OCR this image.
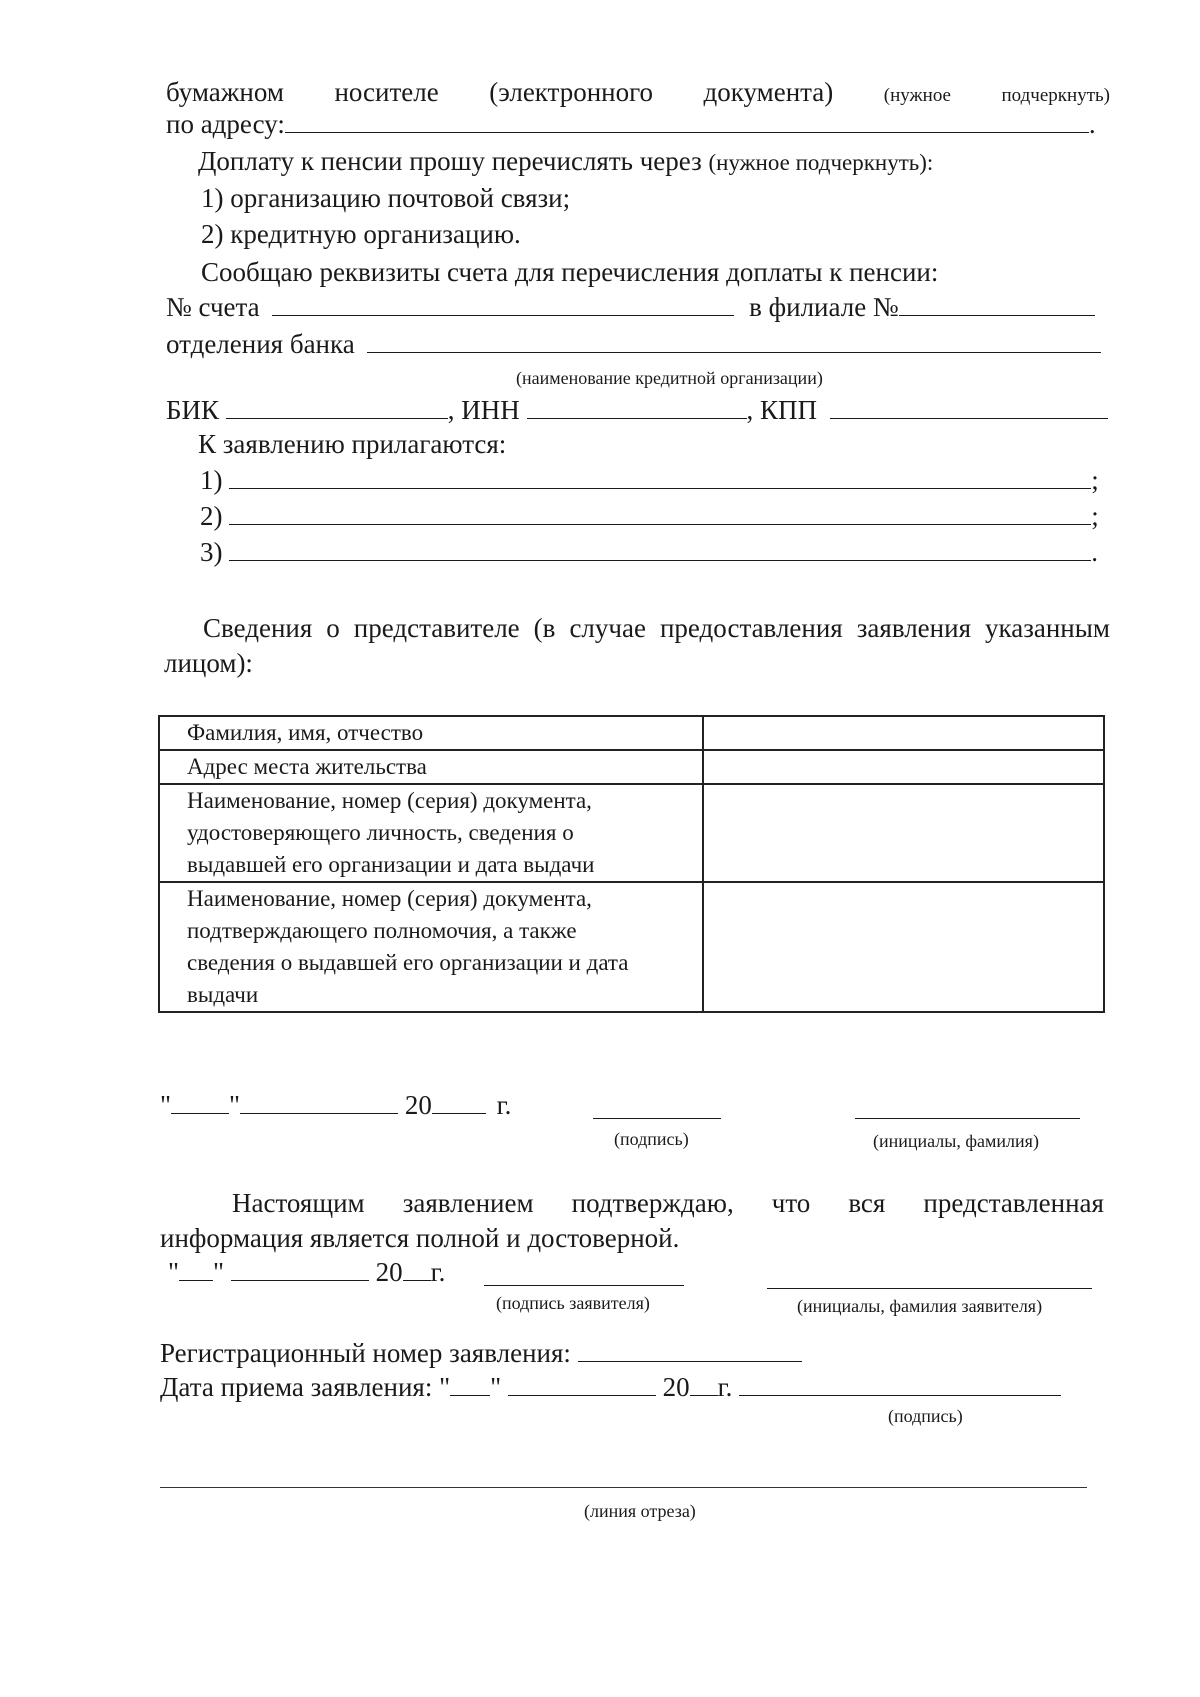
бумажном носителе (электронного документа)	(нужное	подчеркнуть)
по адресу:	.
Доплату к пенсии прошу перечислять через (нужное подчеркнуть):
1) организацию почтовой связи;
2) кредитную организацию.
Сообщаю реквизиты счета для перечисления доплаты к пенсии:
№ счета	в филиале №
отделения банка
(наименование кредитной организации)
БИК	, ИНН	, КПП
К заявлению прилагаются:
1)	;
2)	;
3)	.
Сведения о представителе (в случае предоставления заявления указанным
лицом):
Фамилия, имя, отчество	
Адрес места жительства	

Наименование, номер (серия) документа,
удостоверяющего личность, сведения о
выдавшей его организации и дата выдачи	

Наименование, номер (серия) документа,
подтверждающего полномочия, а также
сведения о выдавшей его организации и дата
выдачи	

" "	20 г.
(подпись)	(инициалы, фамилия)
Настоящим заявлением подтверждаю, что вся представленная
информация является полной и достоверной.
" "	20 г.
(подпись заявителя)	(инициалы, фамилия заявителя)
Регистрационный номер заявления:
Дата приема заявления: " "	20 г.
(подпись)
(линия отреза)
